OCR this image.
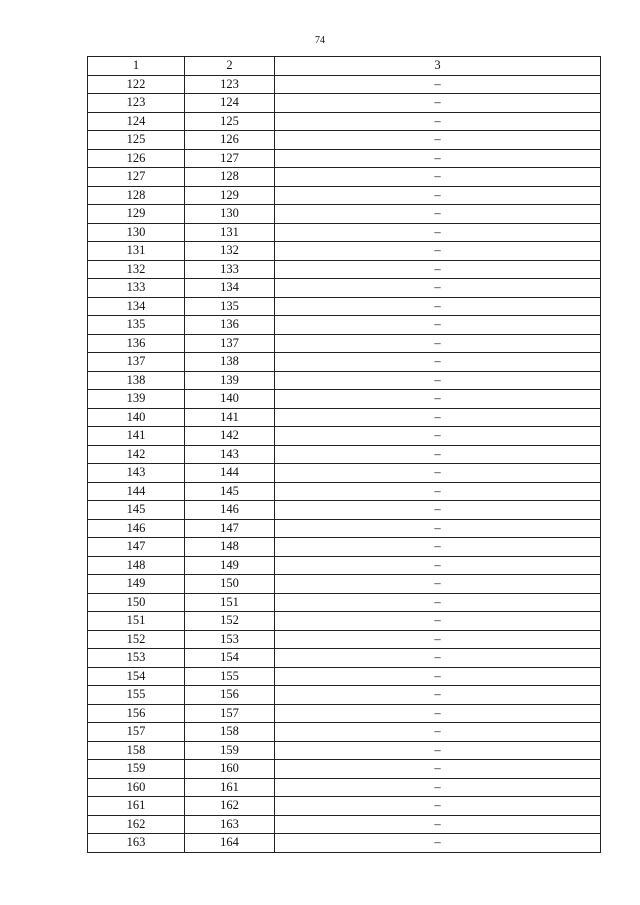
74
1	2	3
122	123	–
123	124	–
124	125	–
125	126	–
126	127	–
127	128	–
128	129	–
129	130	–
130	131	–
131	132	–
132	133	–
133	134	–
134	135	–
135	136	–
136	137	–
137	138	–
138	139	–
139	140	–
140	141	–
141	142	–
142	143	–
143	144	–
144	145	–
145	146	–
146	147	–
147	148	–
148	149	–
149	150	–
150	151	–
151	152	–
152	153	–
153	154	–
154	155	–
155	156	–
156	157	–
157	158	–
158	159	–
159	160	–
160	161	–
161	162	–
162	163	–
163	164	–
